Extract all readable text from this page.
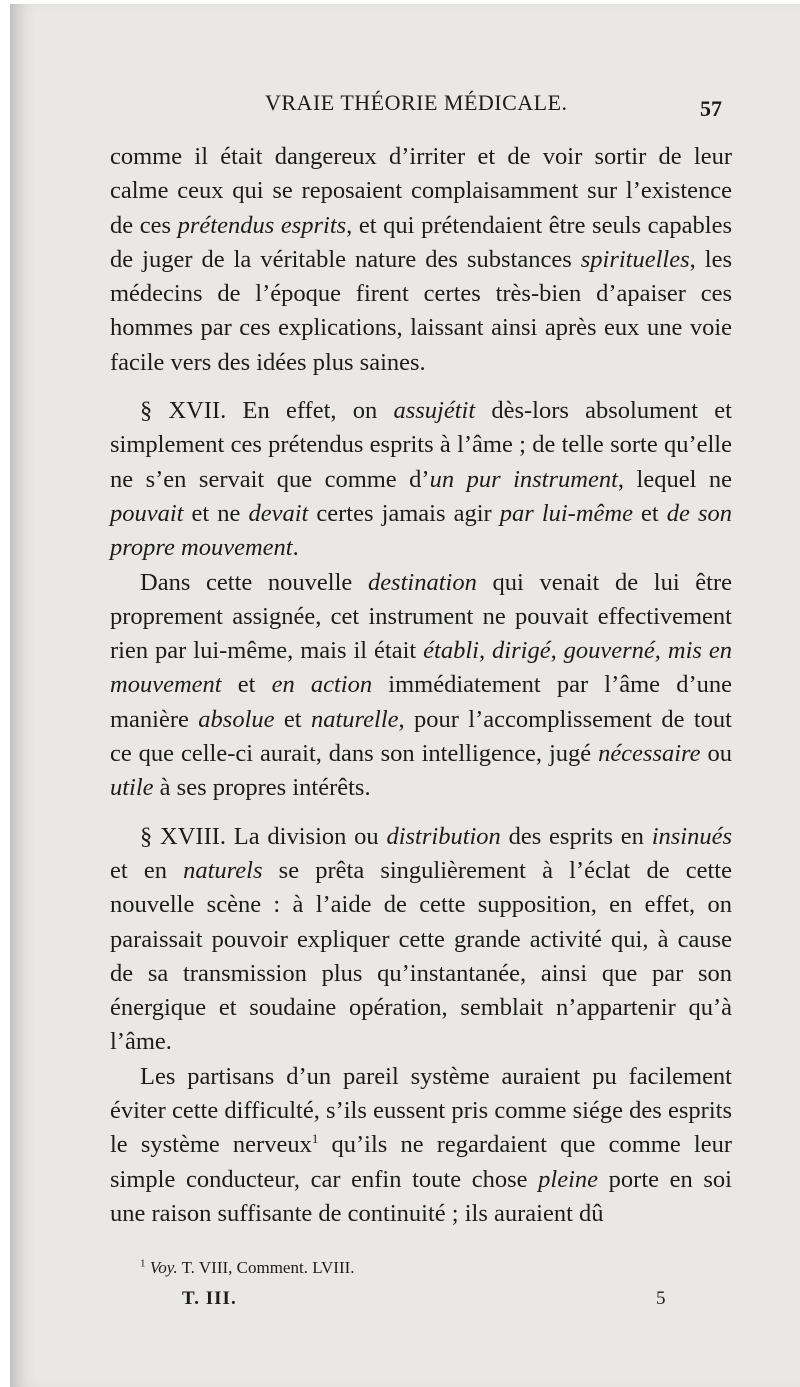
VRAIE THÉORIE MÉDICALE.	57

comme il était dangereux d’irriter et de voir sortir de leur calme ceux qui se reposaient complaisamment sur l’existence de ces prétendus esprits, et qui prétendaient être seuls capables de juger de la véritable nature des substances spirituelles, les médecins de l’époque firent certes très-bien d’apaiser ces hommes par ces explications, laissant ainsi après eux une voie facile vers des idées plus saines.

§ XVII. En effet, on assujétit dès-lors absolument et simplement ces prétendus esprits à l’âme ; de telle sorte qu’elle ne s’en servait que comme d’un pur instrument, lequel ne pouvait et ne devait certes jamais agir par lui-même et de son propre mouvement.

Dans cette nouvelle destination qui venait de lui être proprement assignée, cet instrument ne pouvait effectivement rien par lui-même, mais il était établi, dirigé, gouverné, mis en mouvement et en action immédiatement par l’âme d’une manière absolue et naturelle, pour l’accomplissement de tout ce que celle-ci aurait, dans son intelligence, jugé nécessaire ou utile à ses propres intérêts.

§ XVIII. La division ou distribution des esprits en insinués et en naturels se prêta singulièrement à l’éclat de cette nouvelle scène : à l’aide de cette supposition, en effet, on paraissait pouvoir expliquer cette grande activité qui, à cause de sa transmission plus qu’instantanée, ainsi que par son énergique et soudaine opération, semblait n’appartenir qu’à l’âme.

Les partisans d’un pareil système auraient pu facilement éviter cette difficulté, s’ils eussent pris comme siége des esprits le système nerveux$^1$ qu’ils ne regardaient que comme leur simple conducteur, car enfin toute chose pleine porte en soi une raison suffisante de continuité ; ils auraient dû

$^1$ Voy. T. VIII, Comment. LVIII.
T. III.	5
